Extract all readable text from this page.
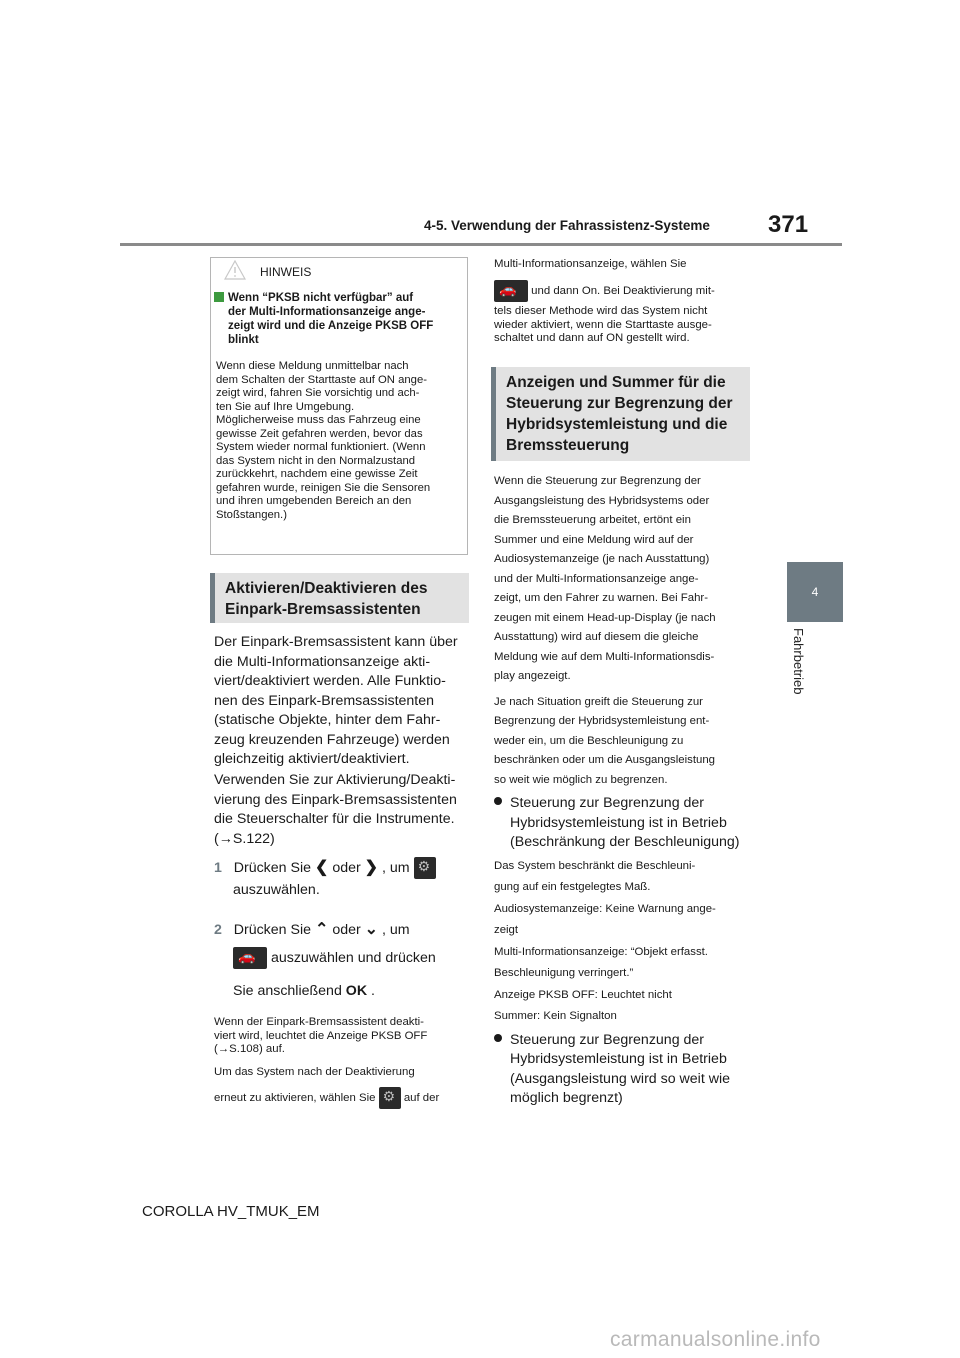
4-5. Verwendung der Fahrassistenz-Systeme 371
4
Fahrbetrieb
HINWEIS
Wenn “PKSB nicht verfügbar” auf
der Multi-Informationsanzeige ange-
zeigt wird und die Anzeige PKSB OFF
blinkt
Wenn diese Meldung unmittelbar nach
dem Schalten der Starttaste auf ON ange-
zeigt wird, fahren Sie vorsichtig und ach-
ten Sie auf Ihre Umgebung.
Möglicherweise muss das Fahrzeug eine
gewisse Zeit gefahren werden, bevor das
System wieder normal funktioniert. (Wenn
das System nicht in den Normalzustand
zurückkehrt, nachdem eine gewisse Zeit
gefahren wurde, reinigen Sie die Sensoren
und ihren umgebenden Bereich an den
Stoßstangen.)
Aktivieren/Deaktivieren des
Einpark-Bremsassistenten
Der Einpark-Bremsassistent kann über
die Multi-Informationsanzeige akti-
viert/deaktiviert werden. Alle Funktio-
nen des Einpark-Bremsassistenten
(statische Objekte, hinter dem Fahr-
zeug kreuzenden Fahrzeuge) werden
gleichzeitig aktiviert/deaktiviert.
Verwenden Sie zur Aktivierung/Deakti-
vierung des Einpark-Bremsassistenten
die Steuerschalter für die Instrumente.
(→S.122)
1 Drücken Sie ❮ oder ❯ , um ⚙
auszuwählen.
2 Drücken Sie ⌃ oder ⌄ , um
🚗 auszuwählen und drücken
Sie anschließend OK .
Wenn der Einpark-Bremsassistent deakti-
viert wird, leuchtet die Anzeige PKSB OFF
(→S.108) auf.
Um das System nach der Deaktivierung
erneut zu aktivieren, wählen Sie ⚙ auf der
Multi-Informationsanzeige, wählen Sie
🚗 und dann On. Bei Deaktivierung mit-
tels dieser Methode wird das System nicht
wieder aktiviert, wenn die Starttaste ausge-
schaltet und dann auf ON gestellt wird.
Anzeigen und Summer für die
Steuerung zur Begrenzung der
Hybridsystemleistung und die
Bremssteuerung
Wenn die Steuerung zur Begrenzung der
Ausgangsleistung des Hybridsystems oder
die Bremssteuerung arbeitet, ertönt ein
Summer und eine Meldung wird auf der
Audiosystemanzeige (je nach Ausstattung)
und der Multi-Informationsanzeige ange-
zeigt, um den Fahrer zu warnen. Bei Fahr-
zeugen mit einem Head-up-Display (je nach
Ausstattung) wird auf diesem die gleiche
Meldung wie auf dem Multi-Informationsdis-
play angezeigt.
Je nach Situation greift die Steuerung zur
Begrenzung der Hybridsystemleistung ent-
weder ein, um die Beschleunigung zu
beschränken oder um die Ausgangsleistung
so weit wie möglich zu begrenzen.
Steuerung zur Begrenzung der
Hybridsystemleistung ist in Betrieb
(Beschränkung der Beschleunigung)
Das System beschränkt die Beschleuni-
gung auf ein festgelegtes Maß.
Audiosystemanzeige: Keine Warnung ange-
zeigt
Multi-Informationsanzeige: “Objekt erfasst.
Beschleunigung verringert.”
Anzeige PKSB OFF: Leuchtet nicht
Summer: Kein Signalton
Steuerung zur Begrenzung der
Hybridsystemleistung ist in Betrieb
(Ausgangsleistung wird so weit wie
möglich begrenzt)
COROLLA HV_TMUK_EM
carmanualsonline.info
